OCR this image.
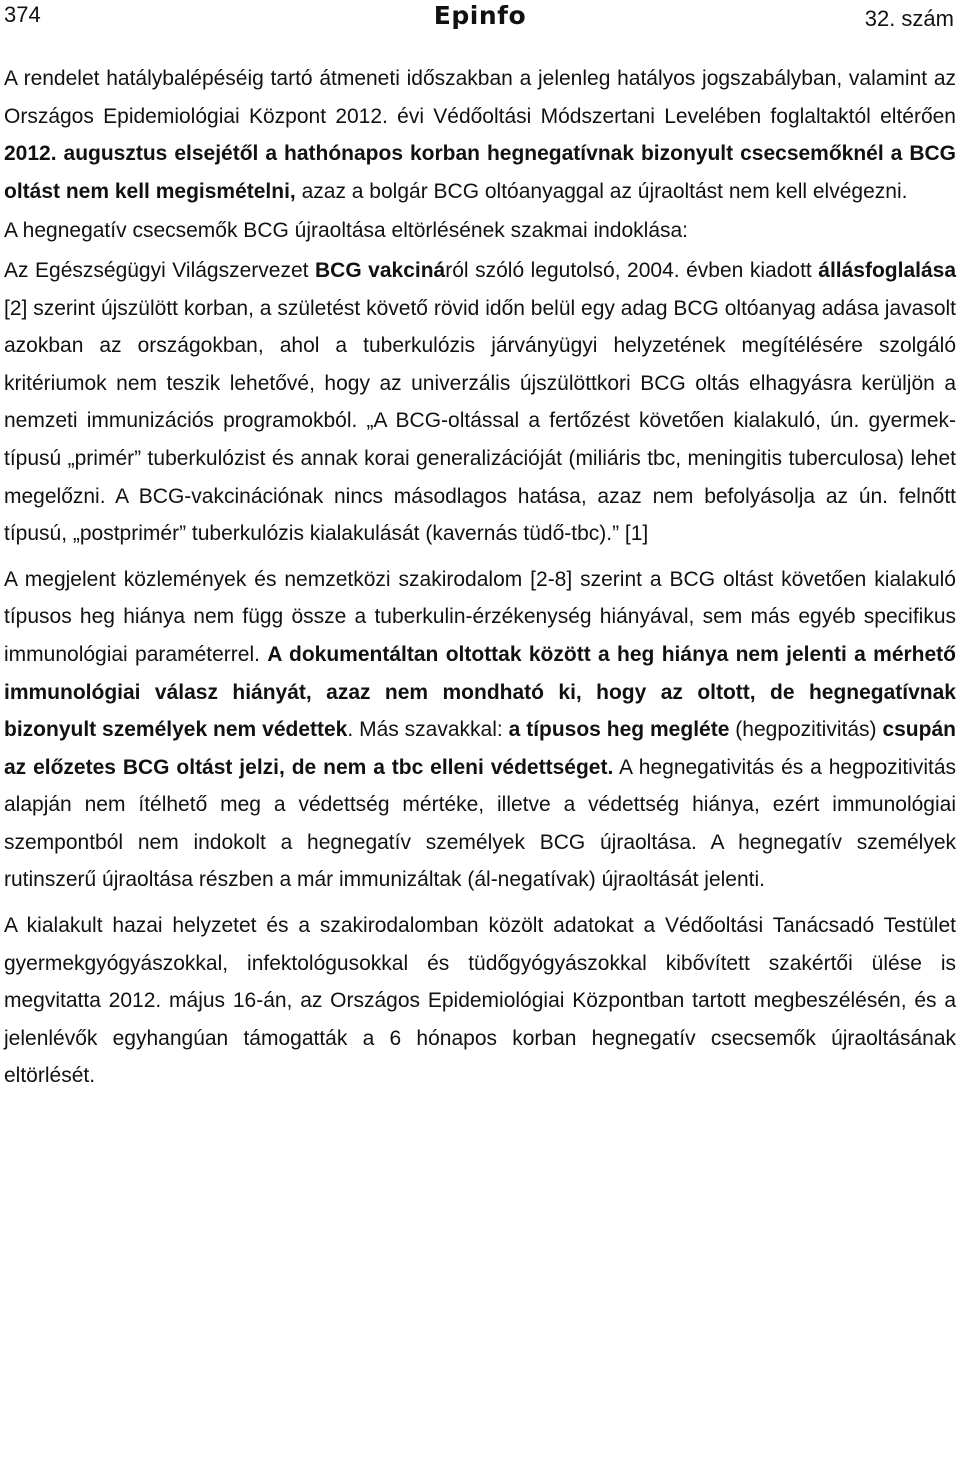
374	Epinfo	32. szám

A rendelet hatálybalépéséig tartó átmeneti időszakban a jelenleg hatályos jogszabályban, valamint az Országos Epidemiológiai Központ 2012. évi Védőoltási Módszertani Levelében foglaltaktól eltérően 2012. augusztus elsejétől a hathónapos korban hegnegatívnak bizonyult csecsemőknél a BCG oltást nem kell megismételni, azaz a bolgár BCG oltóanyaggal az újraoltást nem kell elvégezni.

A hegnegatív csecsemők BCG újraoltása eltörlésének szakmai indoklása:

Az Egészségügyi Világszervezet BCG vakcináról szóló legutolsó, 2004. évben kiadott állásfoglalása [2] szerint újszülött korban, a születést követő rövid időn belül egy adag BCG oltóanyag adása javasolt azokban az országokban, ahol a tuberkulózis járványügyi helyzetének megítélésére szolgáló kritériumok nem teszik lehetővé, hogy az univerzális újszülöttkori BCG oltás elhagyásra kerüljön a nemzeti immunizációs programokból. „A BCG-oltással a fertőzést követően kialakuló, ún. gyermek-típusú „primér” tuberkulózist és annak korai generalizációját (miliáris tbc, meningitis tuberculosa) lehet megelőzni. A BCG-vakcinációnak nincs másodlagos hatása, azaz nem befolyásolja az ún. felnőtt típusú, „postprimér” tuberkulózis kialakulását (kavernás tüdő-tbc).” [1]

A megjelent közlemények és nemzetközi szakirodalom [2-8] szerint a BCG oltást követően kialakuló típusos heg hiánya nem függ össze a tuberkulin-érzékenység hiányával, sem más egyéb specifikus immunológiai paraméterrel. A dokumentáltan oltottak között a heg hiánya nem jelenti a mérhető immunológiai válasz hiányát, azaz nem mondható ki, hogy az oltott, de hegnegatívnak bizonyult személyek nem védettek. Más szavakkal: a típusos heg megléte (hegpozitivitás) csupán az előzetes BCG oltást jelzi, de nem a tbc elleni védettséget. A hegnegativitás és a hegpozitivitás alapján nem ítélhető meg a védettség mértéke, illetve a védettség hiánya, ezért immunológiai szempontból nem indokolt a hegnegatív személyek BCG újraoltása. A hegnegatív személyek rutinszerű újraoltása részben a már immunizáltak (ál-negatívak) újraoltását jelenti.

A kialakult hazai helyzetet és a szakirodalomban közölt adatokat a Védőoltási Tanácsadó Testület gyermekgyógyászokkal, infektológusokkal és tüdőgyógyászokkal kibővített szakértői ülése is megvitatta 2012. május 16-án, az Országos Epidemiológiai Központban tartott megbeszélésén, és a jelenlévők egyhangúan támogatták a 6 hónapos korban hegnegatív csecsemők újraoltásának eltörlését.
